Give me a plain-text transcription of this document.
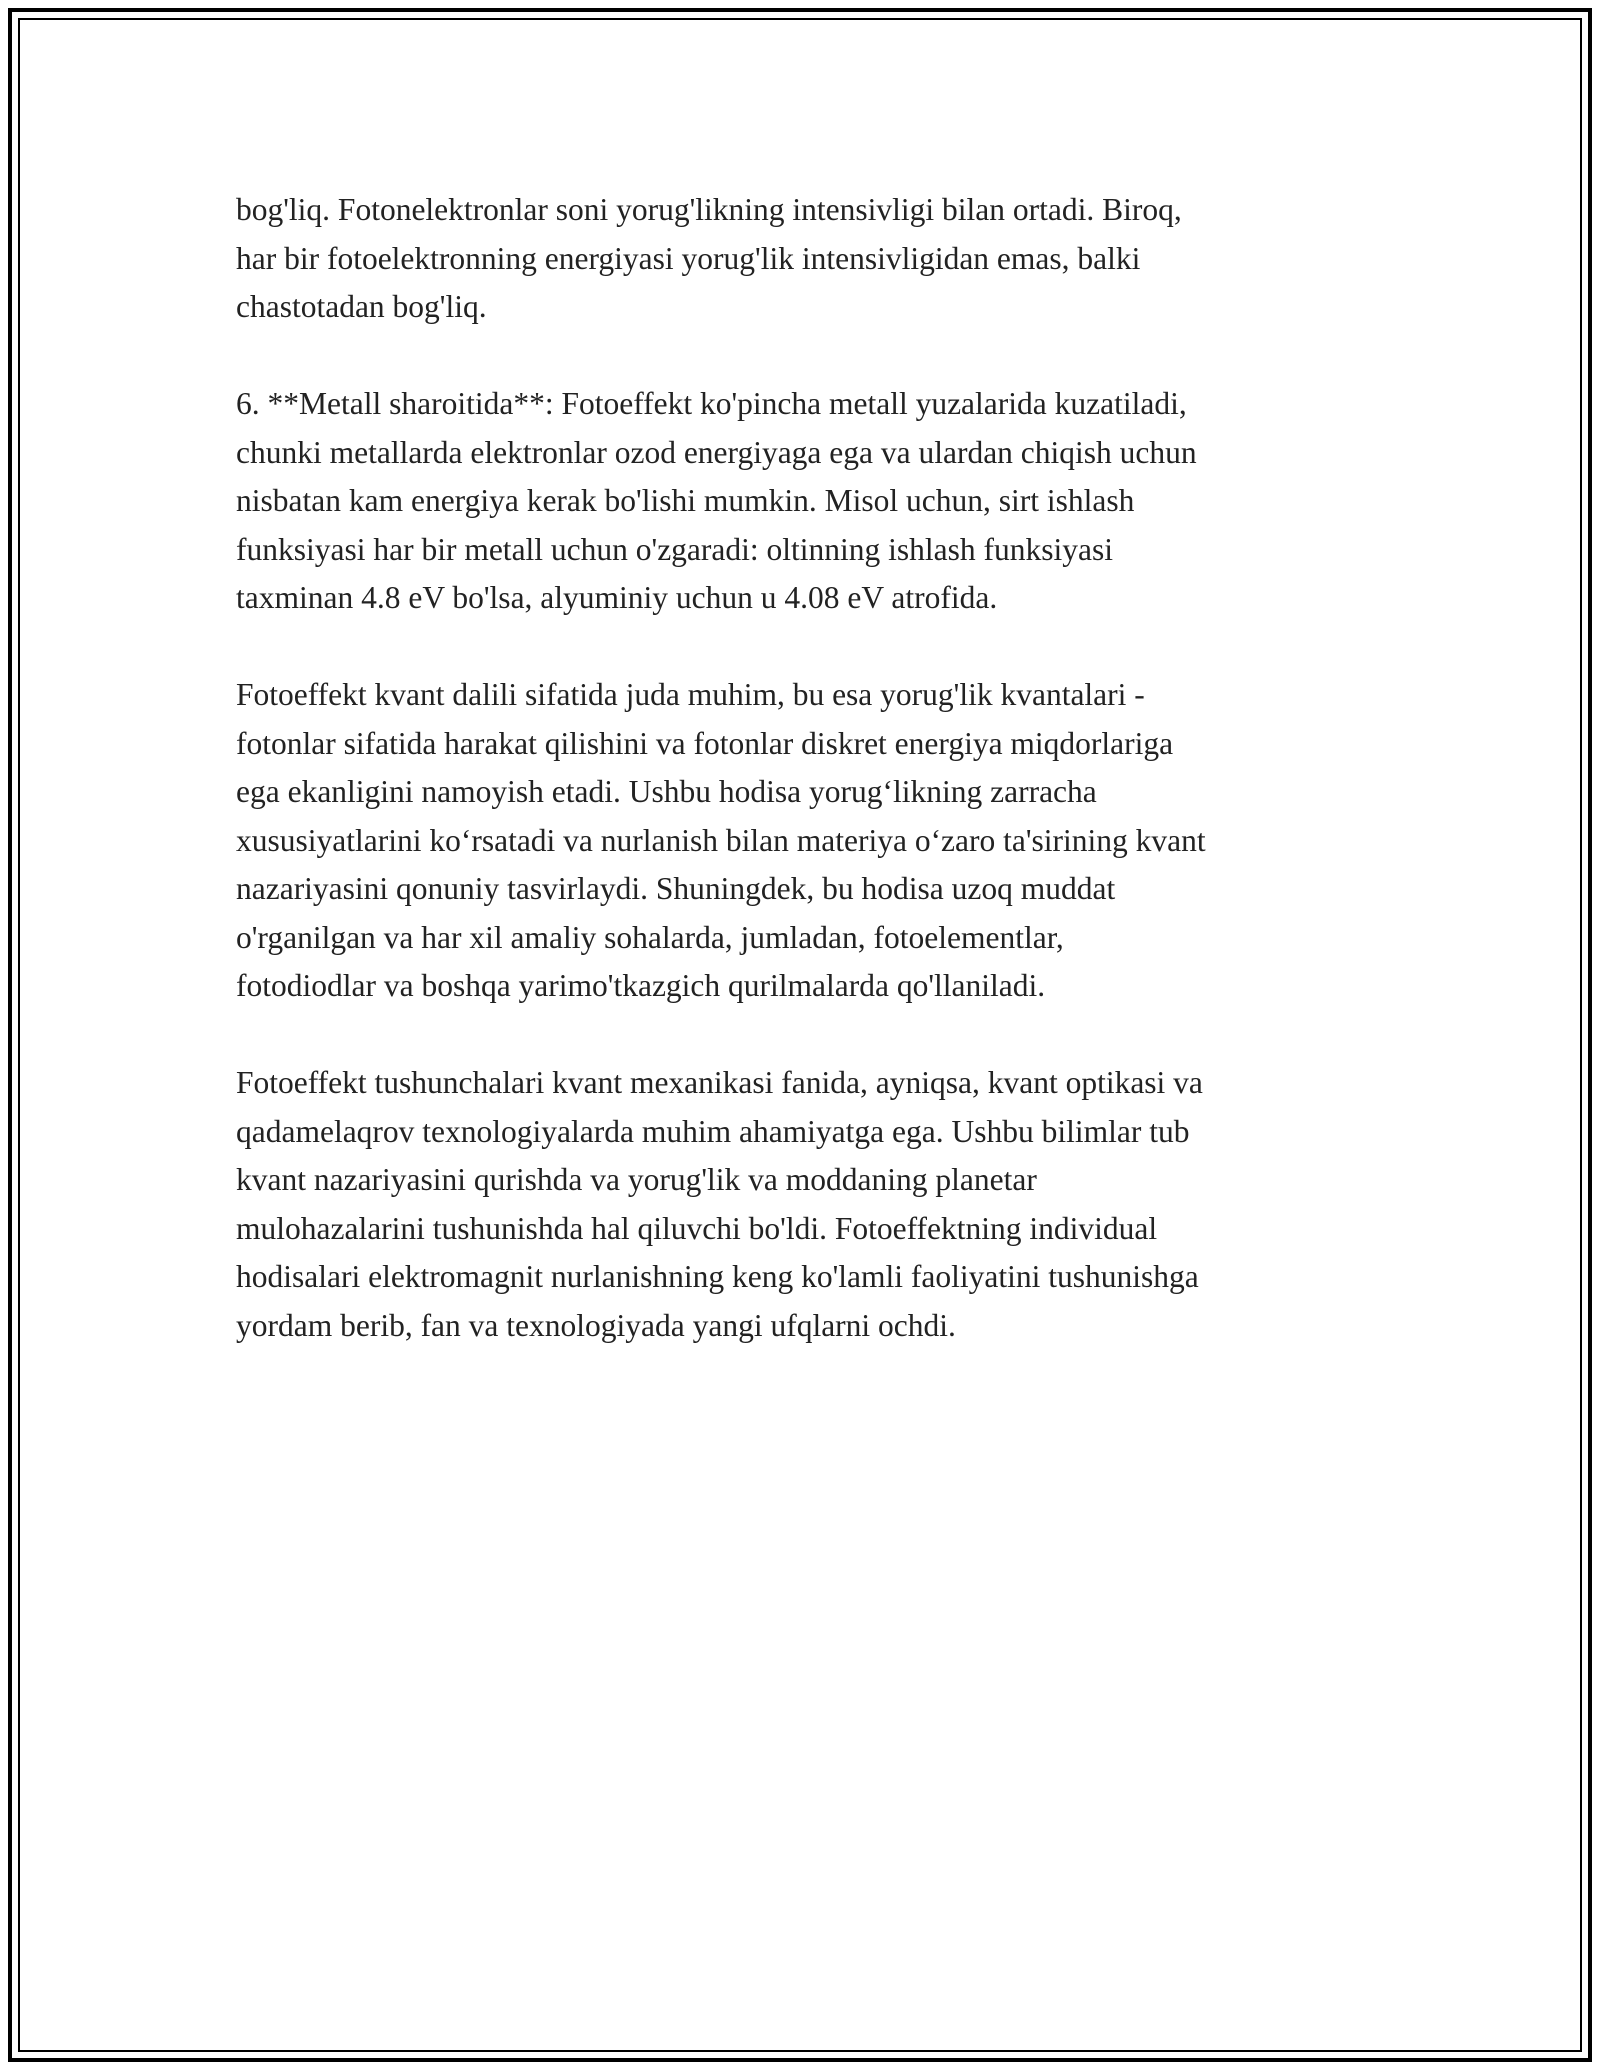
bog'liq. Fotonelektronlar soni yorug'likning intensivligi bilan ortadi. Biroq,
har bir fotoelektronning energiyasi yorug'lik intensivligidan emas, balki
chastotadan bog'liq.

6. **Metall sharoitida**: Fotoeffekt ko'pincha metall yuzalarida kuzatiladi,
chunki metallarda elektronlar ozod energiyaga ega va ulardan chiqish uchun
nisbatan kam energiya kerak bo'lishi mumkin. Misol uchun, sirt ishlash
funksiyasi har bir metall uchun o'zgaradi: oltinning ishlash funksiyasi
taxminan 4.8 eV bo'lsa, alyuminiy uchun u 4.08 eV atrofida.

Fotoeffekt kvant dalili sifatida juda muhim, bu esa yorug'lik kvantalari -
fotonlar sifatida harakat qilishini va fotonlar diskret energiya miqdorlariga
ega ekanligini namoyish etadi. Ushbu hodisa yorug‘likning zarracha
xususiyatlarini ko‘rsatadi va nurlanish bilan materiya o‘zaro ta'sirining kvant
nazariyasini qonuniy tasvirlaydi. Shuningdek, bu hodisa uzoq muddat
o'rganilgan va har xil amaliy sohalarda, jumladan, fotoelementlar,
fotodiodlar va boshqa yarimo'tkazgich qurilmalarda qo'llaniladi.

Fotoeffekt tushunchalari kvant mexanikasi fanida, ayniqsa, kvant optikasi va
qadamelaqrov texnologiyalarda muhim ahamiyatga ega. Ushbu bilimlar tub
kvant nazariyasini qurishda va yorug'lik va moddaning planetar
mulohazalarini tushunishda hal qiluvchi bo'ldi. Fotoeffektning individual
hodisalari elektromagnit nurlanishning keng ko'lamli faoliyatini tushunishga
yordam berib, fan va texnologiyada yangi ufqlarni ochdi.
